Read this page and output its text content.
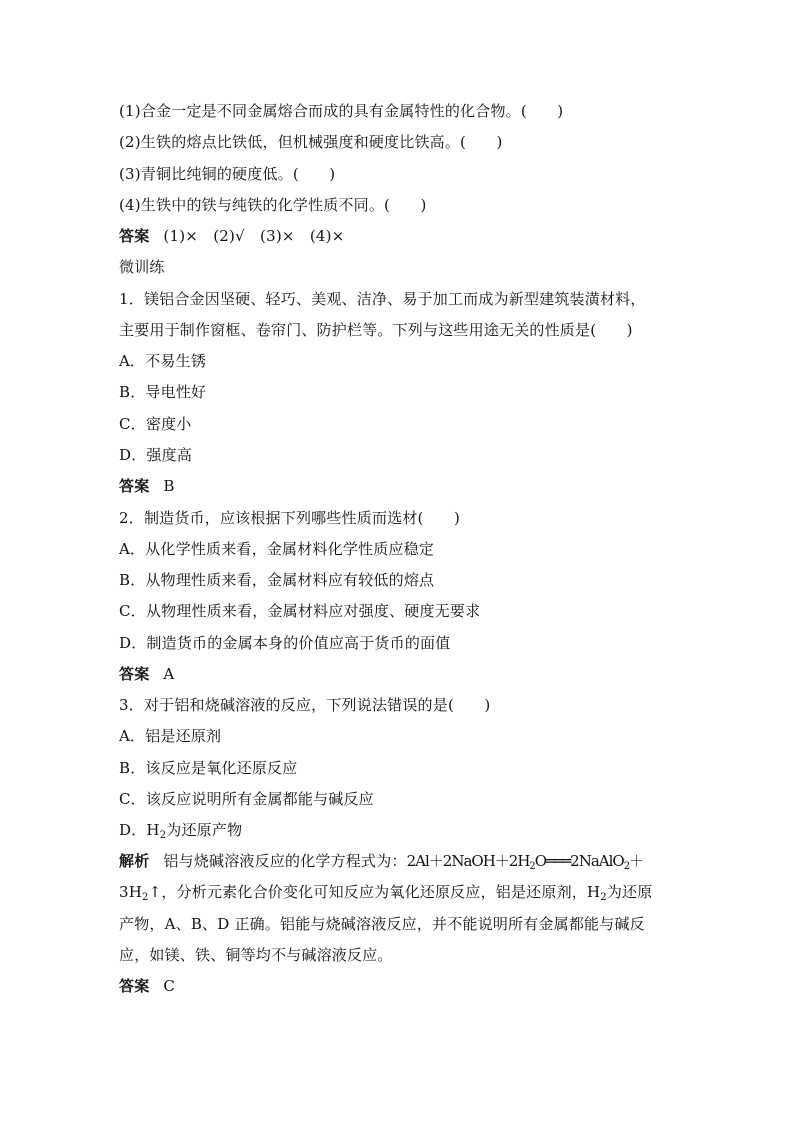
(1)合金一定是不同金属熔合而成的具有金属特性的化合物。(　　)
(2)生铁的熔点比铁低，但机械强度和硬度比铁高。(　　)
(3)青铜比纯铜的硬度低。(　　)
(4)生铁中的铁与纯铁的化学性质不同。(　　)
答案 (1)×　(2)√　(3)×　(4)×
微训练
1．镁铝合金因坚硬、轻巧、美观、洁净、易于加工而成为新型建筑装潢材料，
主要用于制作窗框、卷帘门、防护栏等。下列与这些用途无关的性质是(　　)
A．不易生锈
B．导电性好
C．密度小
D．强度高
答案 B
2．制造货币，应该根据下列哪些性质而选材(　　)
A．从化学性质来看，金属材料化学性质应稳定
B．从物理性质来看，金属材料应有较低的熔点
C．从物理性质来看，金属材料应对强度、硬度无要求
D．制造货币的金属本身的价值应高于货币的面值
答案 A
3．对于铝和烧碱溶液的反应，下列说法错误的是(　　)
A．铝是还原剂
B．该反应是氧化还原反应
C．该反应说明所有金属都能与碱反应
D．$H_2$为还原产物
解析 铝与烧碱溶液反应的化学方程式为：$2Al+2NaOH+2H_2O═══2NaAlO_2+$
$3H_2↑$，分析元素化合价变化可知反应为氧化还原反应，铝是还原剂，$H_2$为还原
产物，A、B、D 正确。铝能与烧碱溶液反应，并不能说明所有金属都能与碱反
应，如镁、铁、铜等均不与碱溶液反应。
答案 C
